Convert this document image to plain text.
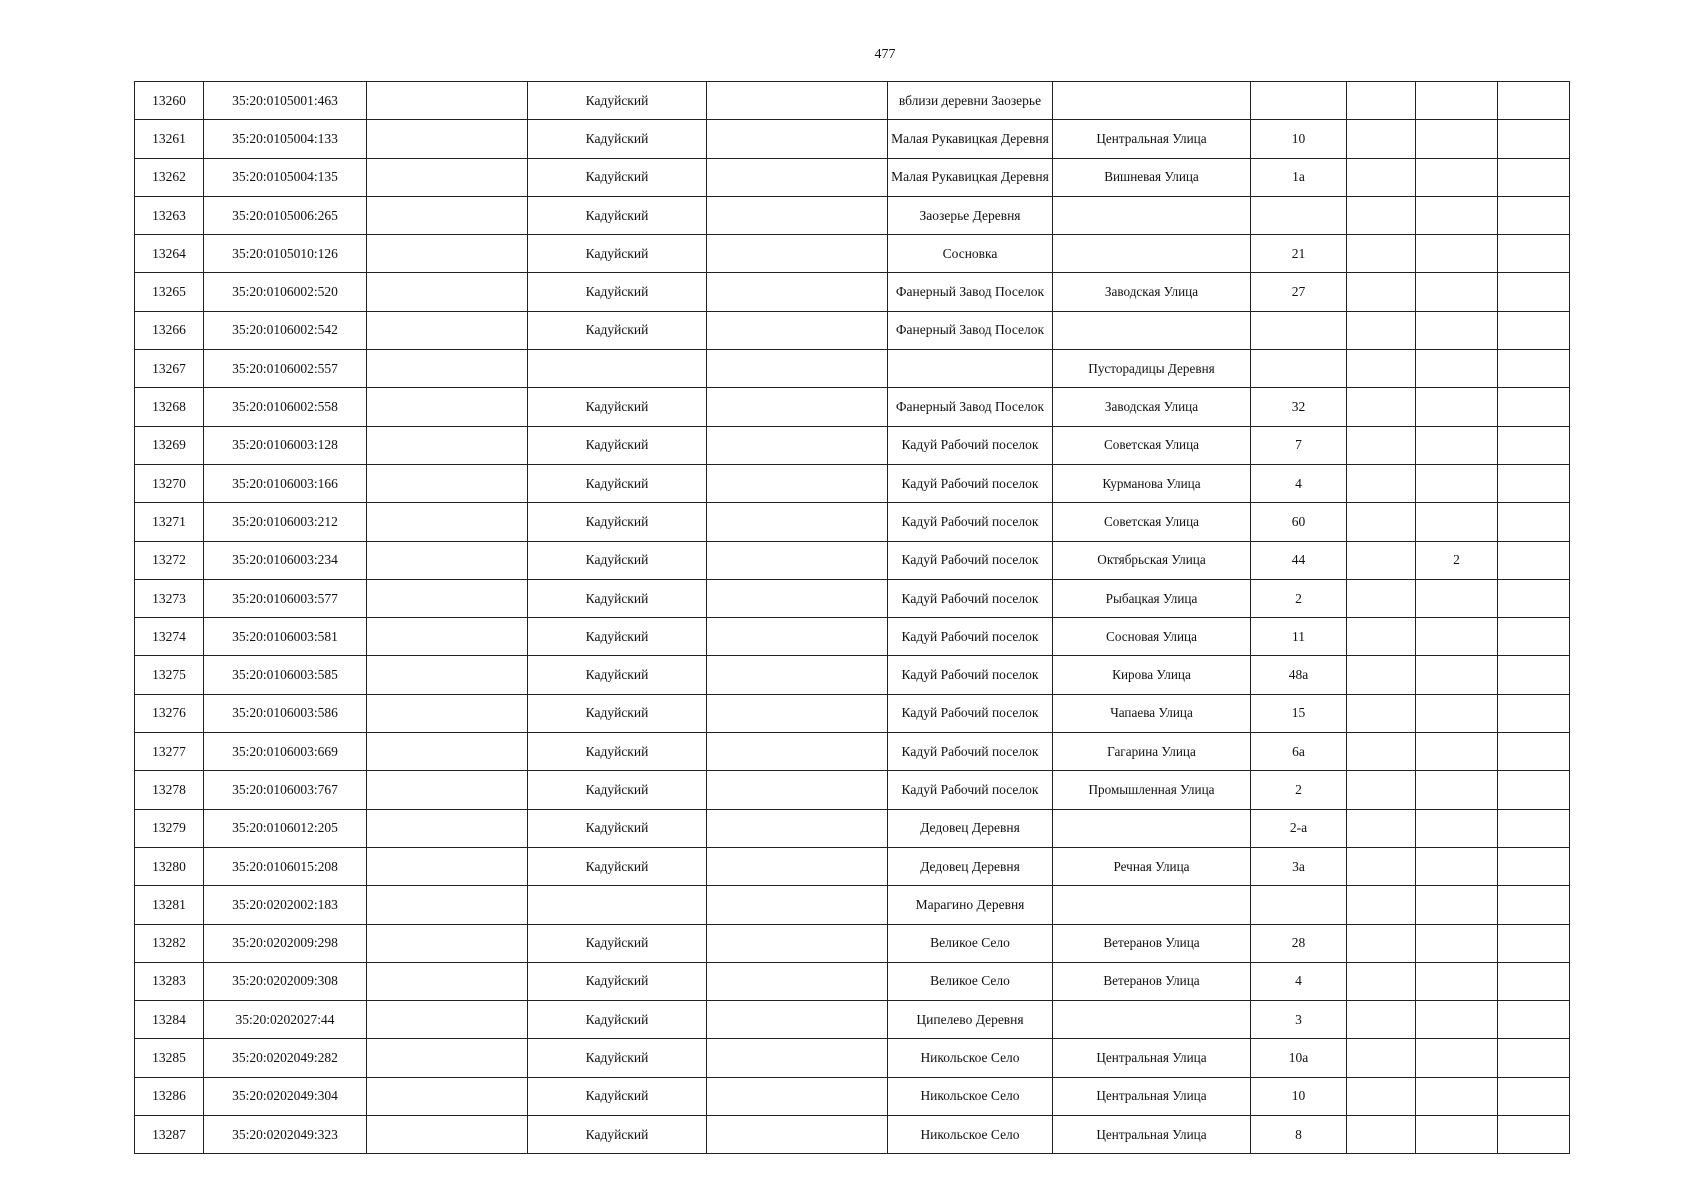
477
13260	35:20:0105001:463		Кадуйский		вблизи деревни Заозерье					
13261	35:20:0105004:133		Кадуйский		Малая Рукавицкая Деревня	Центральная Улица	10			
13262	35:20:0105004:135		Кадуйский		Малая Рукавицкая Деревня	Вишневая Улица	1а			
13263	35:20:0105006:265		Кадуйский		Заозерье Деревня					
13264	35:20:0105010:126		Кадуйский		Сосновка		21			
13265	35:20:0106002:520		Кадуйский		Фанерный Завод Поселок	Заводская Улица	27			
13266	35:20:0106002:542		Кадуйский		Фанерный Завод Поселок					
13267	35:20:0106002:557					Пусторадицы Деревня				
13268	35:20:0106002:558		Кадуйский		Фанерный Завод Поселок	Заводская Улица	32			
13269	35:20:0106003:128		Кадуйский		Кадуй Рабочий поселок	Советская Улица	7			
13270	35:20:0106003:166		Кадуйский		Кадуй Рабочий поселок	Курманова Улица	4			
13271	35:20:0106003:212		Кадуйский		Кадуй Рабочий поселок	Советская Улица	60			
13272	35:20:0106003:234		Кадуйский		Кадуй Рабочий поселок	Октябрьская Улица	44		2	
13273	35:20:0106003:577		Кадуйский		Кадуй Рабочий поселок	Рыбацкая Улица	2			
13274	35:20:0106003:581		Кадуйский		Кадуй Рабочий поселок	Сосновая Улица	11			
13275	35:20:0106003:585		Кадуйский		Кадуй Рабочий поселок	Кирова Улица	48а			
13276	35:20:0106003:586		Кадуйский		Кадуй Рабочий поселок	Чапаева Улица	15			
13277	35:20:0106003:669		Кадуйский		Кадуй Рабочий поселок	Гагарина Улица	6а			
13278	35:20:0106003:767		Кадуйский		Кадуй Рабочий поселок	Промышленная Улица	2			
13279	35:20:0106012:205		Кадуйский		Дедовец Деревня		2-а			
13280	35:20:0106015:208		Кадуйский		Дедовец Деревня	Речная Улица	3а			
13281	35:20:0202002:183				Марагино Деревня					
13282	35:20:0202009:298		Кадуйский		Великое Село	Ветеранов Улица	28			
13283	35:20:0202009:308		Кадуйский		Великое Село	Ветеранов Улица	4			
13284	35:20:0202027:44		Кадуйский		Ципелево Деревня		3			
13285	35:20:0202049:282		Кадуйский		Никольское Село	Центральная Улица	10а			
13286	35:20:0202049:304		Кадуйский		Никольское Село	Центральная Улица	10			
13287	35:20:0202049:323		Кадуйский		Никольское Село	Центральная Улица	8			
